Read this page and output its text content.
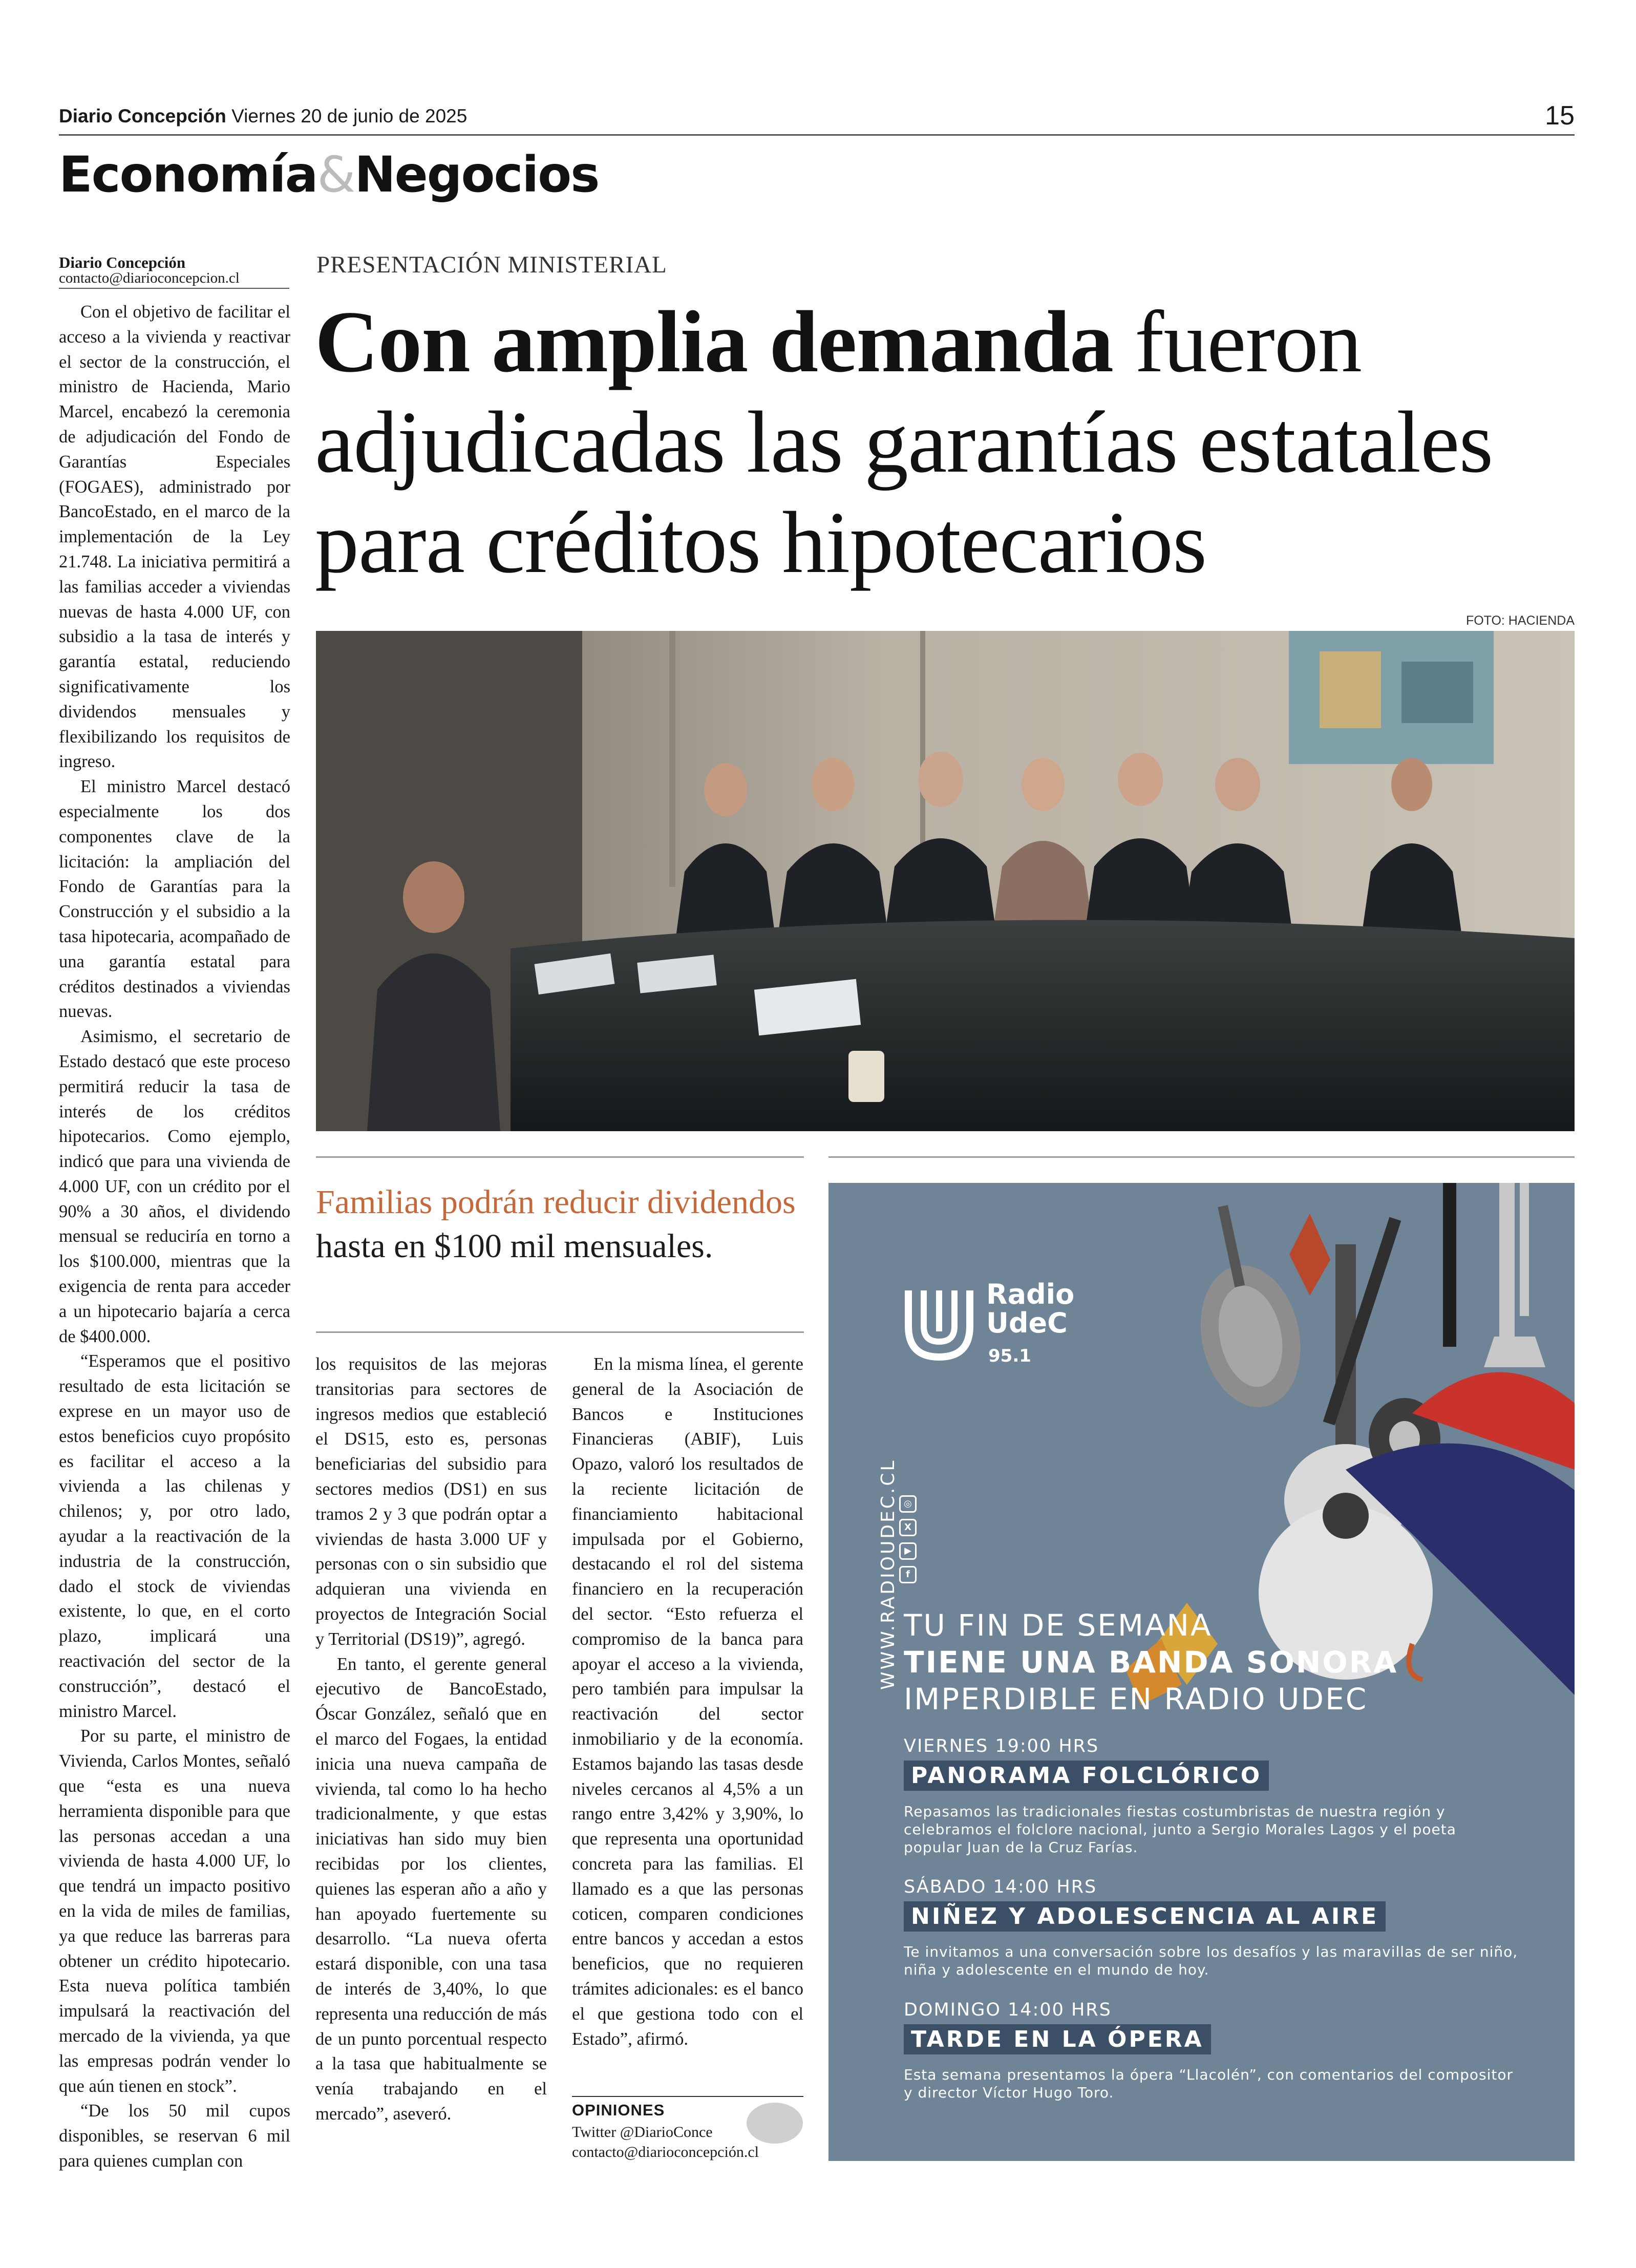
Diario Concepción Viernes 20 de junio de 2025	15
Economía&Negocios
Diario Concepción
contacto@diarioconcepcion.cl

Con el objetivo de facilitar el acceso a la vivienda y reactivar el sector de la construcción, el ministro de Hacienda, Mario Marcel, encabezó la ceremonia de adjudicación del Fondo de Garantías Especiales (FOGAES), administrado por BancoEstado, en el marco de la implementación de la Ley 21.748. La iniciativa permitirá a las familias acceder a viviendas nuevas de hasta 4.000 UF, con subsidio a la tasa de interés y garantía estatal, reduciendo significativamente los dividendos mensuales y flexibilizando los requisitos de ingreso.

El ministro Marcel destacó especialmente los dos componentes clave de la licitación: la ampliación del Fondo de Garantías para la Construcción y el subsidio a la tasa hipotecaria, acompañado de una garantía estatal para créditos destinados a viviendas nuevas.

Asimismo, el secretario de Estado destacó que este proceso permitirá reducir la tasa de interés de los créditos hipotecarios. Como ejemplo, indicó que para una vivienda de 4.000 UF, con un crédito por el 90% a 30 años, el dividendo mensual se reduciría en torno a los $100.000, mientras que la exigencia de renta para acceder a un hipotecario bajaría a cerca de $400.000.

“Esperamos que el positivo resultado de esta licitación se exprese en un mayor uso de estos beneficios cuyo propósito es facilitar el acceso a la vivienda a las chilenas y chilenos; y, por otro lado, ayudar a la reactivación de la industria de la construcción, dado el stock de viviendas existente, lo que, en el corto plazo, implicará una reactivación del sector de la construcción”, destacó el ministro Marcel.

Por su parte, el ministro de Vivienda, Carlos Montes, señaló que “esta es una nueva herramienta disponible para que las personas accedan a una vivienda de hasta 4.000 UF, lo que tendrá un impacto positivo en la vida de miles de familias, ya que reduce las barreras para obtener un crédito hipotecario. Esta nueva política también impulsará la reactivación del mercado de la vivienda, ya que las empresas podrán vender lo que aún tienen en stock”.

“De los 50 mil cupos disponibles, se reservan 6 mil para quienes cumplan con

PRESENTACIÓN MINISTERIAL
Con amplia demanda fueron adjudicadas las garantías estatales para créditos hipotecarios
FOTO: HACIENDA
Familias podrán reducir dividendos hasta en $100 mil mensuales.

los requisitos de las mejoras transitorias para sectores de ingresos medios que estableció el DS15, esto es, personas beneficiarias del subsidio para sectores medios (DS1) en sus tramos 2 y 3 que podrán optar a viviendas de hasta 3.000 UF y personas con o sin subsidio que adquieran una vivienda en proyectos de Integración Social y Territorial (DS19)”, agregó.

En tanto, el gerente general ejecutivo de BancoEstado, Óscar González, señaló que en el marco del Fogaes, la entidad inicia una nueva campaña de vivienda, tal como lo ha hecho tradicionalmente, y que estas iniciativas han sido muy bien recibidas por los clientes, quienes las esperan año a año y han apoyado fuertemente su desarrollo. “La nueva oferta estará disponible, con una tasa de interés de 3,40%, lo que representa una reducción de más de un punto porcentual respecto a la tasa que habitualmente se venía trabajando en el mercado”, aseveró.

En la misma línea, el gerente general de la Asociación de Bancos e Instituciones Financieras (ABIF), Luis Opazo, valoró los resultados de la reciente licitación de financiamiento habitacional impulsada por el Gobierno, destacando el rol del sistema financiero en la recuperación del sector. “Esto refuerza el compromiso de la banca para apoyar el acceso a la vivienda, pero también para impulsar la reactivación del sector inmobiliario y de la economía. Estamos bajando las tasas desde niveles cercanos al 4,5% a un rango entre 3,42% y 3,90%, lo que representa una oportunidad concreta para las familias. El llamado es a que las personas coticen, comparen condiciones entre bancos y accedan a estos beneficios, que no requieren trámites adicionales: es el banco el que gestiona todo con el Estado”, afirmó.

OPINIONES
Twitter @DiarioConce
contacto@diarioconcepción.cl
Radio
UdeC
95.1
WWW.RADIOUDEC.CL ◎
X
▶
f
TU FIN DE SEMANA
TIENE UNA BANDA SONORA
IMPERDIBLE EN RADIO UDEC
VIERNES 19:00 HRS
PANORAMA FOLCLÓRICO
Repasamos las tradicionales fiestas costumbristas de nuestra región y celebramos el folclore nacional, junto a Sergio Morales Lagos y el poeta popular Juan de la Cruz Farías.
SÁBADO 14:00 HRS
NIÑEZ Y ADOLESCENCIA AL AIRE
Te invitamos a una conversación sobre los desafíos y las maravillas de ser niño, niña y adolescente en el mundo de hoy.
DOMINGO 14:00 HRS
TARDE EN LA ÓPERA
Esta semana presentamos la ópera “Llacolén”, con comentarios del compositor y director Víctor Hugo Toro.
